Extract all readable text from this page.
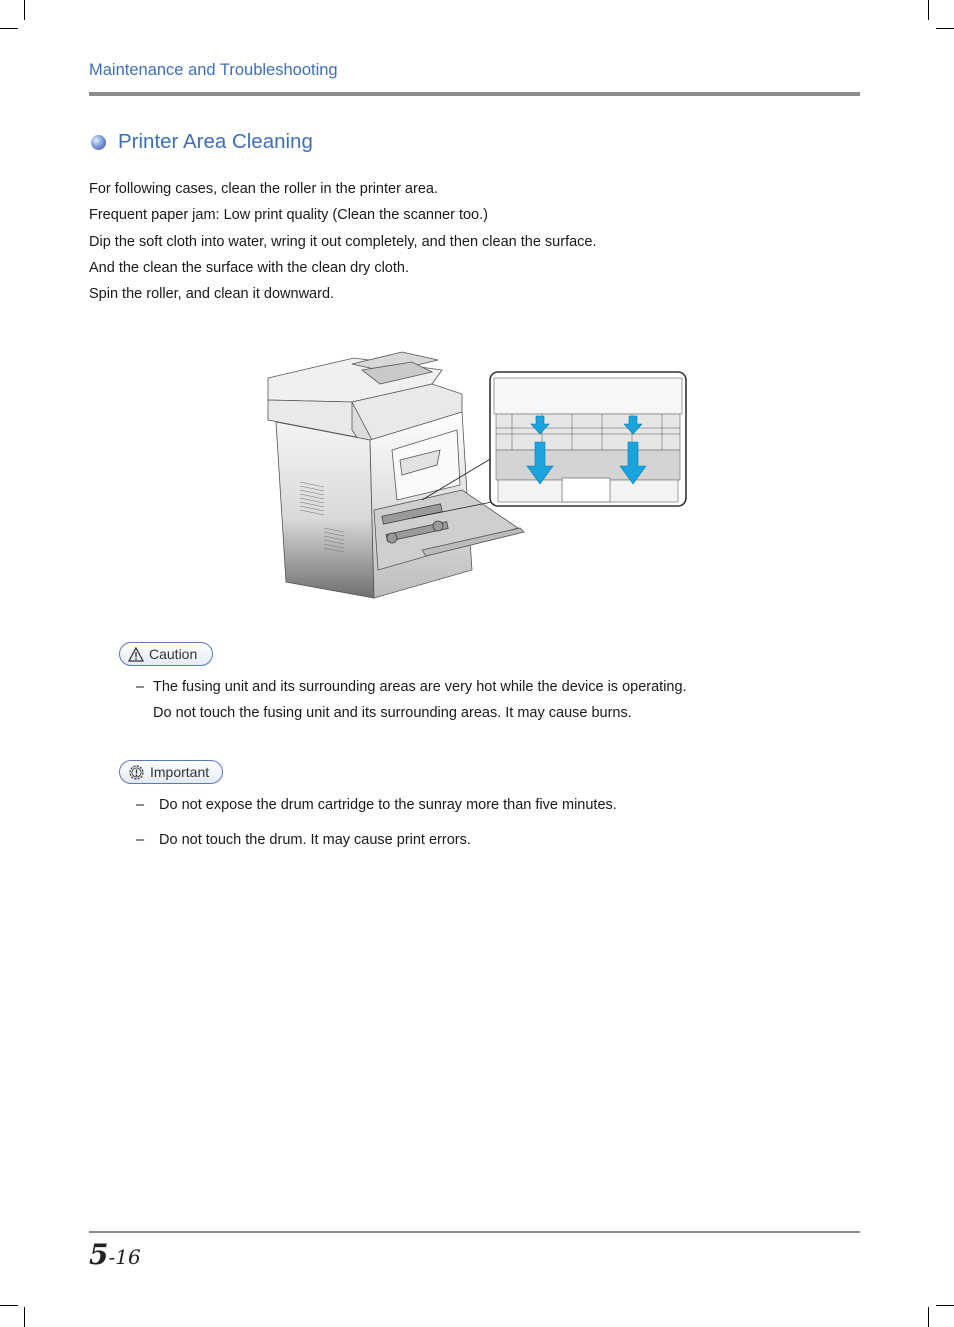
Maintenance and Troubleshooting
Printer Area Cleaning

For following cases, clean the roller in the printer area.

Frequent paper jam: Low print quality (Clean the scanner too.)

Dip the soft cloth into water, wring it out completely, and then clean the surface.

And the clean the surface with the clean dry cloth.

Spin the roller, and clean it downward.

Caution
– The fusing unit and its surrounding areas are very hot while the device is operating.
Do not touch the fusing unit and its surrounding areas. It may cause burns.
Important
– Do not expose the drum cartridge to the sunray more than five minutes.
– Do not touch the drum. It may cause print errors.
5-16
